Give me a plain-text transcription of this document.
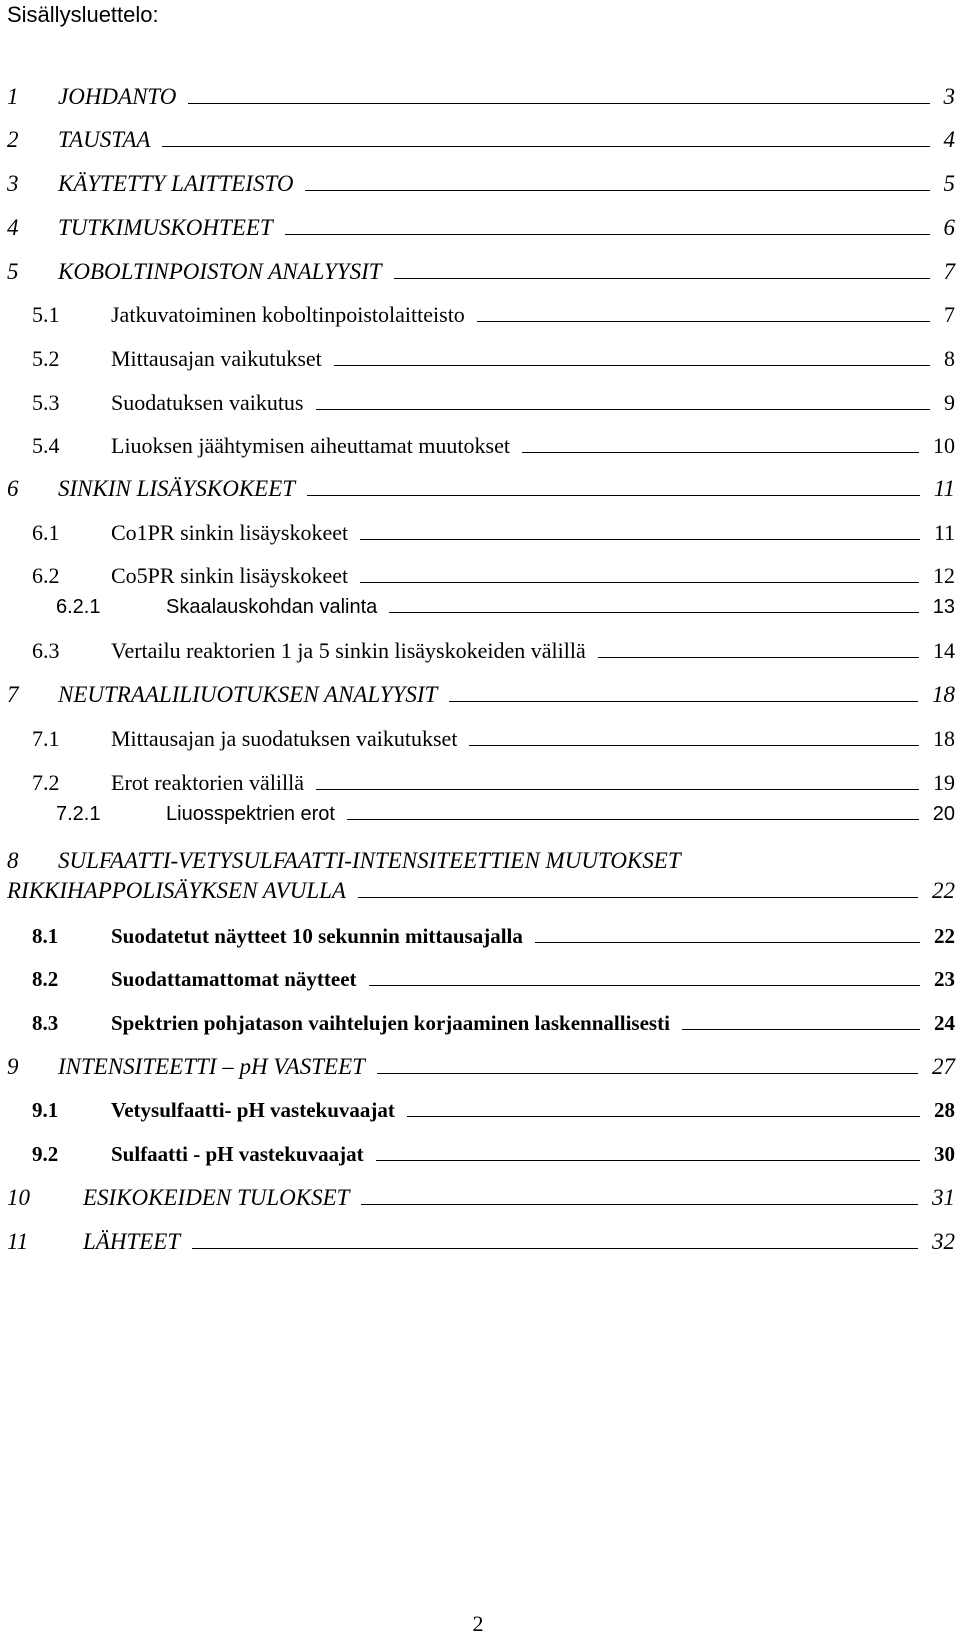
Sisällysluettelo:
1 JOHDANTO	3
2 TAUSTAA	4
3 KÄYTETTY LAITTEISTO	5
4 TUTKIMUSKOHTEET	6
5 KOBOLTINPOISTON ANALYYSIT	7
5.1 Jatkuvatoiminen koboltinpoistolaitteisto	7
5.2 Mittausajan vaikutukset	8
5.3 Suodatuksen vaikutus	9
5.4 Liuoksen jäähtymisen aiheuttamat muutokset	10
6 SINKIN LISÄYSKOKEET	11
6.1 Co1PR sinkin lisäyskokeet	11
6.2 Co5PR sinkin lisäyskokeet	12
6.2.1	Skaalauskohdan valinta	13
6.3 Vertailu reaktorien 1 ja 5 sinkin lisäyskokeiden välillä	14
7 NEUTRAALILIUOTUKSEN ANALYYSIT	18
7.1 Mittausajan ja suodatuksen vaikutukset	18
7.2 Erot reaktorien välillä	19
7.2.1	Liuosspektrien erot	20
8 SULFAATTI-VETYSULFAATTI-INTENSITEETTIEN MUUTOKSET
RIKKIHAPPOLISÄYKSEN AVULLA	22
8.1	Suodatetut näytteet 10 sekunnin mittausajalla	22
8.2	Suodattamattomat näytteet	23
8.3	Spektrien pohjatason vaihtelujen korjaaminen laskennallisesti	24
9 INTENSITEETTI – pH VASTEET	27
9.1	Vetysulfaatti- pH vastekuvaajat	28
9.2	Sulfaatti - pH vastekuvaajat	30
10 ESIKOKEIDEN TULOKSET	31
11 LÄHTEET	32
2
